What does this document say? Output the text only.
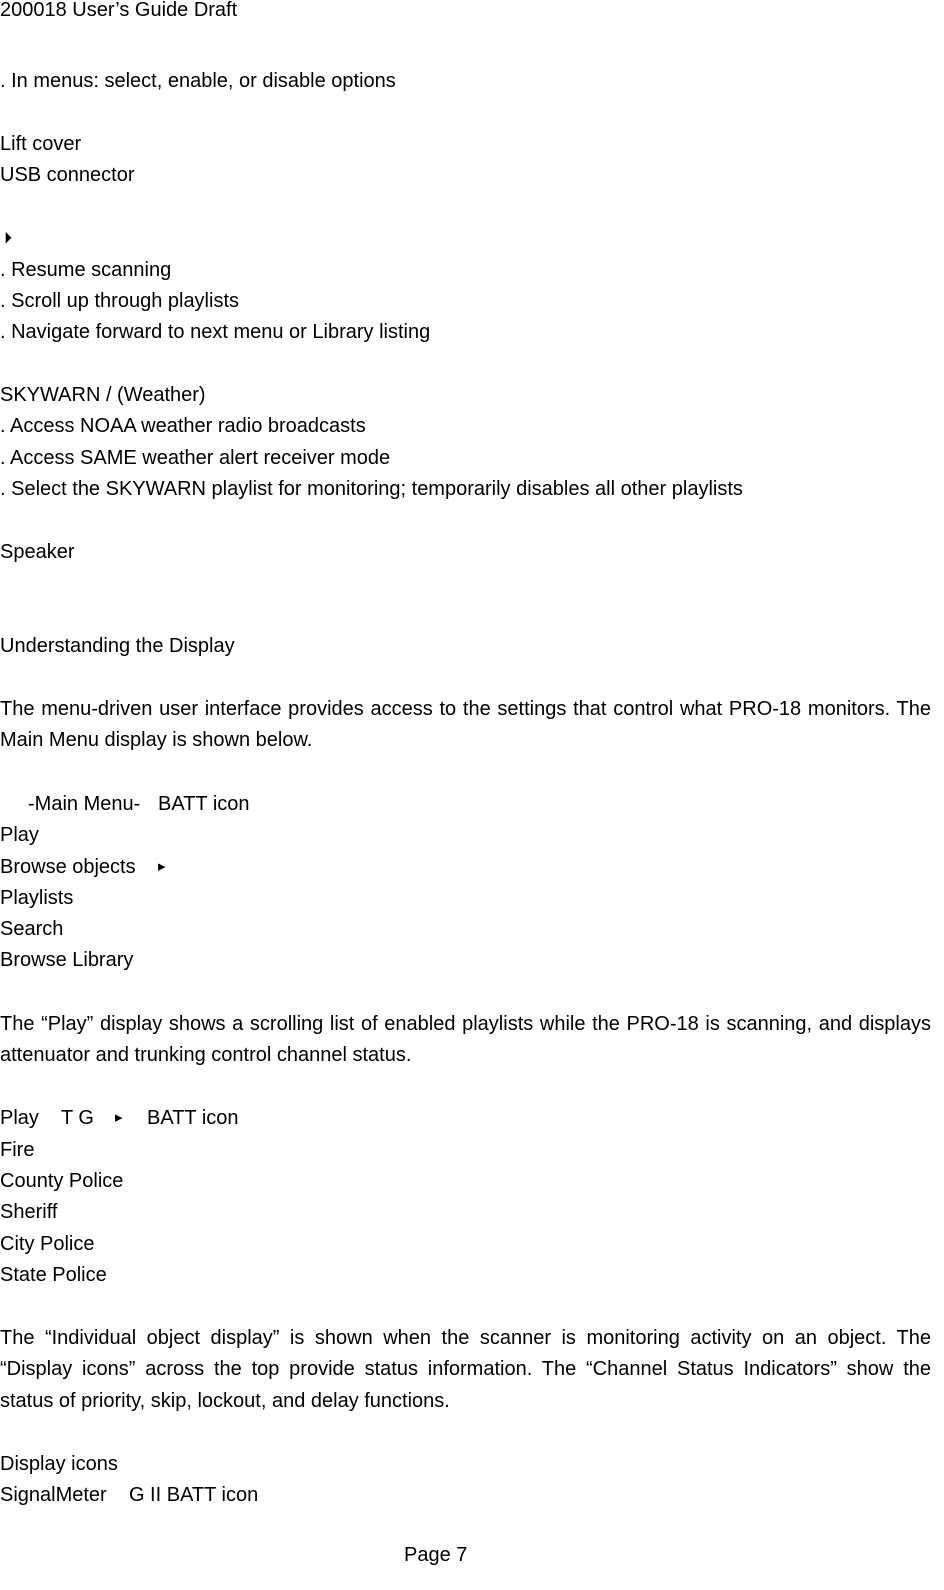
200018 User’s Guide Draft
. In menus: select, enable, or disable options
Lift cover
USB connector
⏵
. Resume scanning
. Scroll up through playlists
. Navigate forward to next menu or Library listing
SKYWARN / (Weather)
. Access NOAA weather radio broadcasts
. Access SAME weather alert receiver mode
. Select the SKYWARN playlist for monitoring; temporarily disables all other playlists
Speaker
Understanding the Display
The menu-driven user interface provides access to the settings that control what PRO-18 monitors. The Main Menu display is shown below.
-Main Menu- BATT icon
Play
Browse objects ▸
Playlists
Search
Browse Library
The “Play” display shows a scrolling list of enabled playlists while the PRO-18 is scanning, and displays attenuator and trunking control channel status.
Play T G ▸ BATT icon
Fire
County Police
Sheriff
City Police
State Police
The “Individual object display” is shown when the scanner is monitoring activity on an object. The “Display icons” across the top provide status information. The “Channel Status Indicators” show the status of priority, skip, lockout, and delay functions.
Display icons
SignalMeter    G II BATT icon
Page 7
